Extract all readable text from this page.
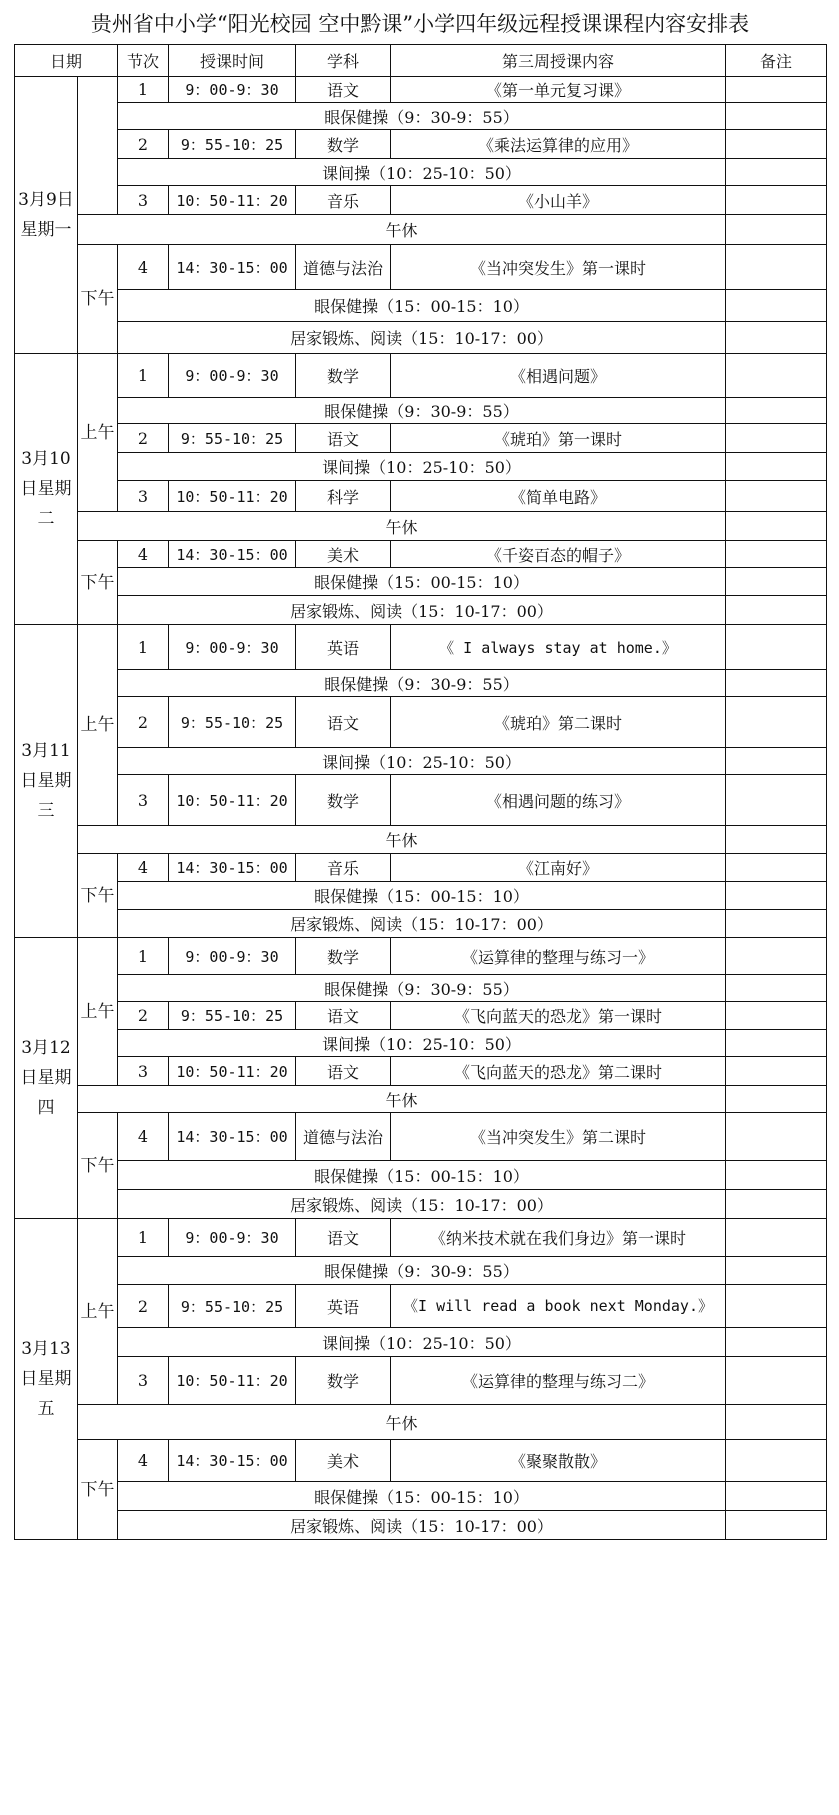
贵州省中小学“阳光校园 空中黔课”小学四年级远程授课课程内容安排表
日期		节次	授课时间	学科	第三周授课内容	备注
3月9日星期一		1	9：00-9：30	语文	《第一单元复习课》	
		眼保健操（9：30-9：55）				
		2	9：55-10：25	数学	《乘法运算律的应用》	
		课间操（10：25-10：50）				
		3	10：50-11：20	音乐	《小山羊》	
	午休					
	下午	4	14：30-15：00	道德与法治	《当冲突发生》第一课时	
		眼保健操（15：00-15：10）				
		居家锻炼、阅读（15：10-17：00）				
3月10日星期二	上午	1	9：00-9：30	数学	《相遇问题》	
		眼保健操（9：30-9：55）				
		2	9：55-10：25	语文	《琥珀》第一课时	
		课间操（10：25-10：50）				
		3	10：50-11：20	科学	《简单电路》	
	午休					
	下午	4	14：30-15：00	美术	《千姿百态的帽子》	
		眼保健操（15：00-15：10）				
		居家锻炼、阅读（15：10-17：00）				
3月11日星期三	上午	1	9：00-9：30	英语	《 I always stay at home.》	
		眼保健操（9：30-9：55）				
		2	9：55-10：25	语文	《琥珀》第二课时	
		课间操（10：25-10：50）				
		3	10：50-11：20	数学	《相遇问题的练习》	
	午休					
	下午	4	14：30-15：00	音乐	《江南好》	
		眼保健操（15：00-15：10）				
		居家锻炼、阅读（15：10-17：00）				
3月12日星期四	上午	1	9：00-9：30	数学	《运算律的整理与练习一》	
		眼保健操（9：30-9：55）				
		2	9：55-10：25	语文	《飞向蓝天的恐龙》第一课时	
		课间操（10：25-10：50）				
		3	10：50-11：20	语文	《飞向蓝天的恐龙》第二课时	
	午休					
	下午	4	14：30-15：00	道德与法治	《当冲突发生》第二课时	
		眼保健操（15：00-15：10）				
		居家锻炼、阅读（15：10-17：00）				
3月13日星期五	上午	1	9：00-9：30	语文	《纳米技术就在我们身边》第一课时	
		眼保健操（9：30-9：55）				
		2	9：55-10：25	英语	《I will read a book next Monday.》	
		课间操（10：25-10：50）				
		3	10：50-11：20	数学	《运算律的整理与练习二》	
	午休					
	下午	4	14：30-15：00	美术	《聚聚散散》	
		眼保健操（15：00-15：10）				
		居家锻炼、阅读（15：10-17：00）				
